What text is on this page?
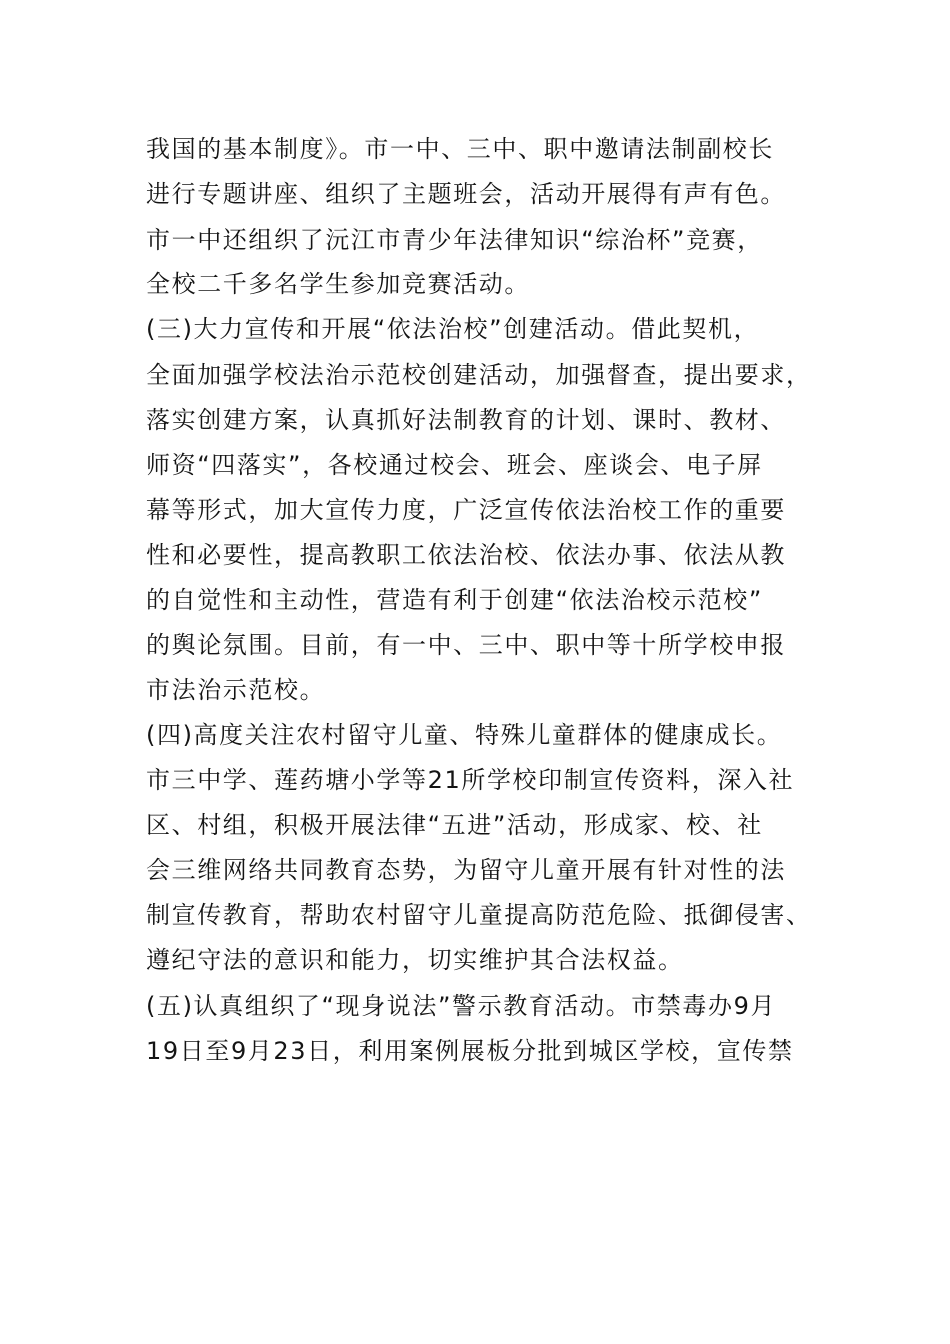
我国的基本制度》。市一中、三中、职中邀请法制副校长
进行专题讲座、组织了主题班会，活动开展得有声有色。
市一中还组织了沅江市青少年法律知识“综治杯”竞赛，
全校二千多名学生参加竞赛活动。
(三)大力宣传和开展“依法治校”创建活动。借此契机，
全面加强学校法治示范校创建活动，加强督查，提出要求，
落实创建方案，认真抓好法制教育的计划、课时、教材、
师资“四落实”，各校通过校会、班会、座谈会、电子屏
幕等形式，加大宣传力度，广泛宣传依法治校工作的重要
性和必要性，提高教职工依法治校、依法办事、依法从教
的自觉性和主动性，营造有利于创建“依法治校示范校”
的舆论氛围。目前，有一中、三中、职中等十所学校申报
市法治示范校。
(四)高度关注农村留守儿童、特殊儿童群体的健康成长。
市三中学、莲药塘小学等21所学校印制宣传资料，深入社
区、村组，积极开展法律“五进”活动，形成家、校、社
会三维网络共同教育态势，为留守儿童开展有针对性的法
制宣传教育，帮助农村留守儿童提高防范危险、抵御侵害、
遵纪守法的意识和能力，切实维护其合法权益。
(五)认真组织了“现身说法”警示教育活动。市禁毒办9月
19日至9月23日，利用案例展板分批到城区学校，宣传禁
